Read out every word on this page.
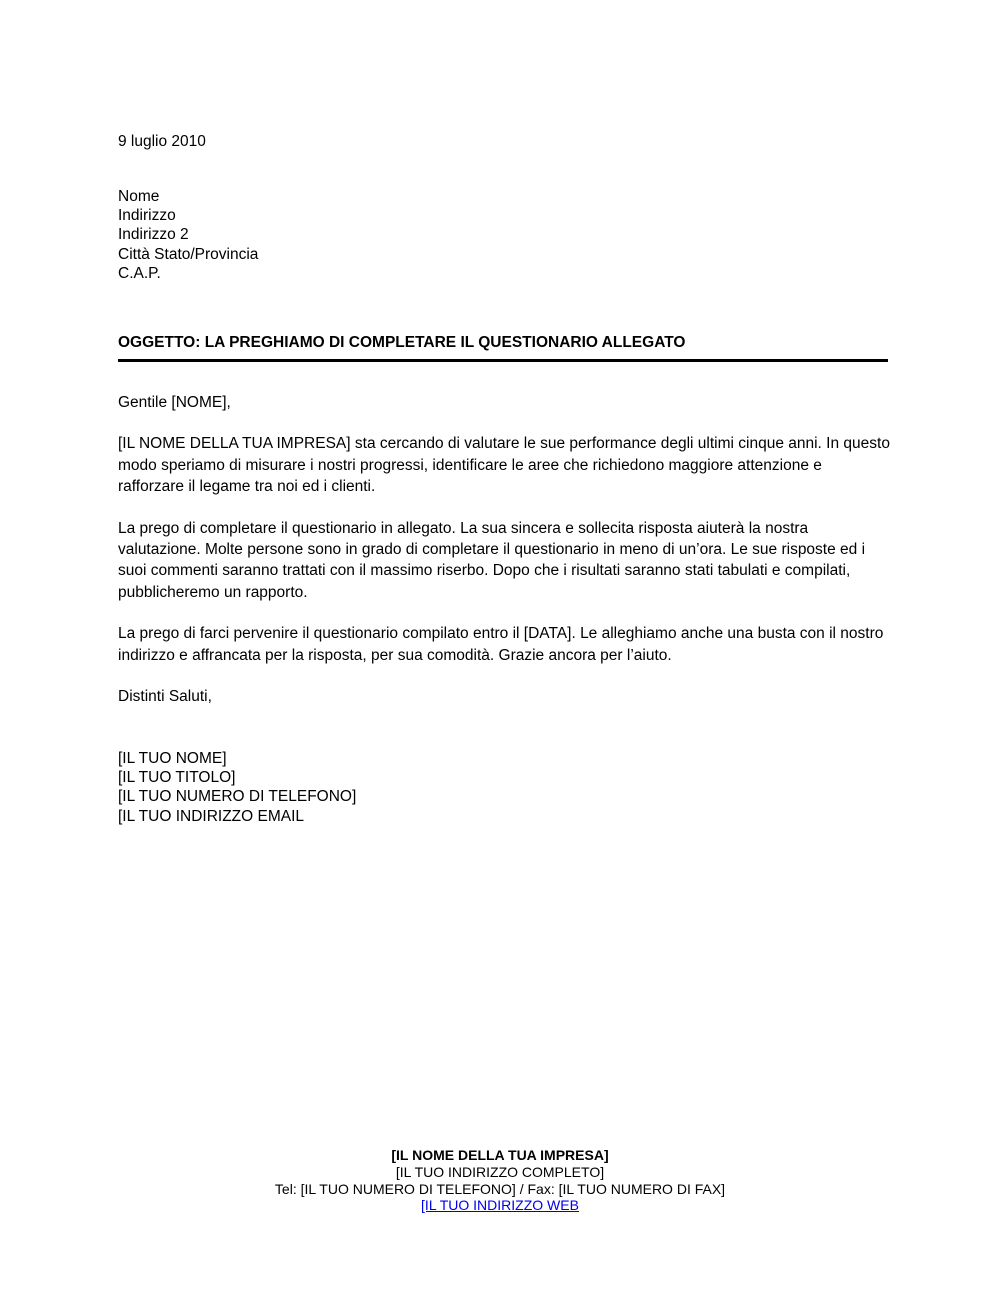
9 luglio 2010
Nome
Indirizzo
Indirizzo 2
Città Stato/Provincia
C.A.P.
OGGETTO: LA PREGHIAMO DI COMPLETARE IL QUESTIONARIO ALLEGATO

Gentile [NOME],

[IL NOME DELLA TUA IMPRESA] sta cercando di valutare le sue performance degli ultimi cinque anni. In questo modo speriamo di misurare i nostri progressi, identificare le aree che richiedono maggiore attenzione e rafforzare il legame tra noi ed i clienti.

La prego di completare il questionario in allegato. La sua sincera e sollecita risposta aiuterà la nostra valutazione. Molte persone sono in grado di completare il questionario in meno di un’ora. Le sue risposte ed i suoi commenti saranno trattati con il massimo riserbo. Dopo che i risultati saranno stati tabulati e compilati, pubblicheremo un rapporto.

La prego di farci pervenire il questionario compilato entro il [DATA]. Le alleghiamo anche una busta con il nostro indirizzo e affrancata per la risposta, per sua comodità. Grazie ancora per l’aiuto.

Distinti Saluti,

[IL TUO NOME]
[IL TUO TITOLO]
[IL TUO NUMERO DI TELEFONO]
[IL TUO INDIRIZZO EMAIL
[IL NOME DELLA TUA IMPRESA]
[IL TUO INDIRIZZO COMPLETO]
Tel: [IL TUO NUMERO DI TELEFONO] / Fax: [IL TUO NUMERO DI FAX]
[IL TUO INDIRIZZO WEB
